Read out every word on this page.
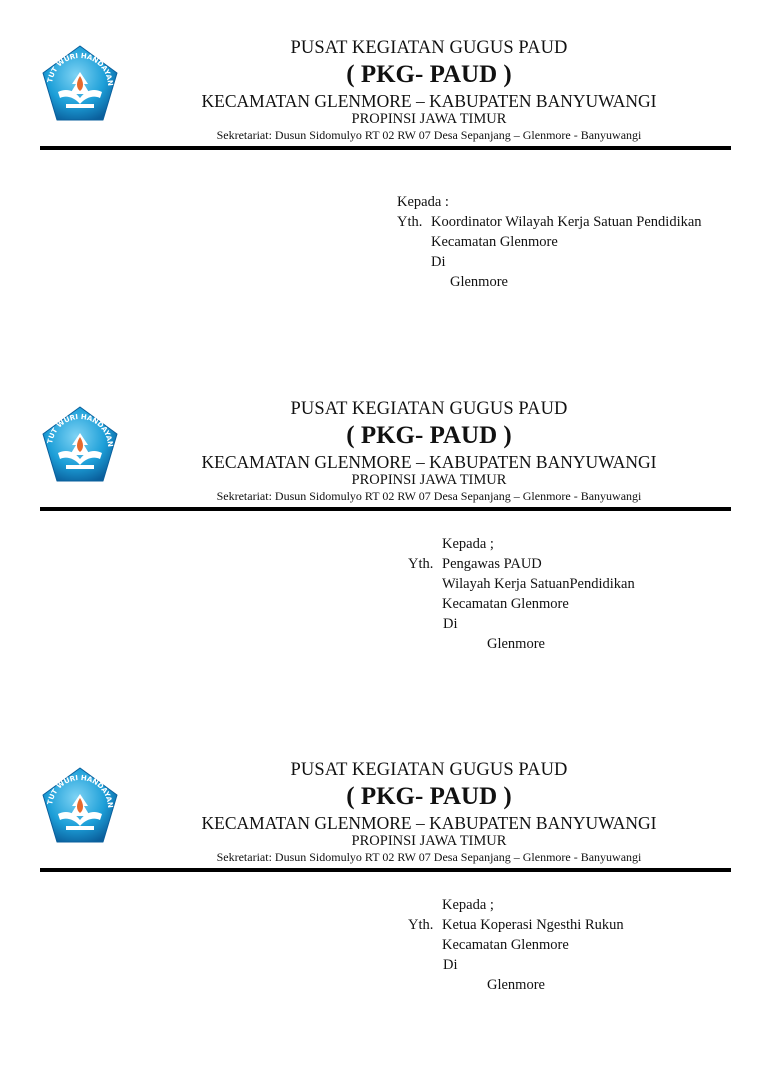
TUT WURI HANDAYAN

PUSAT KEGIATAN GUGUS PAUD

( PKG- PAUD )

KECAMATAN GLENMORE – KABUPATEN BANYUWANGI

PROPINSI JAWA TIMUR

Sekretariat: Dusun Sidomulyo RT 02 RW 07 Desa Sepanjang – Glenmore - Banyuwangi

Kepada :
Yth. Koordinator Wilayah Kerja Satuan Pendidikan
Kecamatan Glenmore
Di
Glenmore
TUT WURI HANDAYAN

PUSAT KEGIATAN GUGUS PAUD

( PKG- PAUD )

KECAMATAN GLENMORE – KABUPATEN BANYUWANGI

PROPINSI JAWA TIMUR

Sekretariat: Dusun Sidomulyo RT 02 RW 07 Desa Sepanjang – Glenmore - Banyuwangi

Kepada ;
Yth. Pengawas PAUD
Wilayah Kerja SatuanPendidikan
Kecamatan Glenmore
Di
Glenmore
TUT WURI HANDAYAN

PUSAT KEGIATAN GUGUS PAUD

( PKG- PAUD )

KECAMATAN GLENMORE – KABUPATEN BANYUWANGI

PROPINSI JAWA TIMUR

Sekretariat: Dusun Sidomulyo RT 02 RW 07 Desa Sepanjang – Glenmore - Banyuwangi

Kepada ;
Yth. Ketua Koperasi Ngesthi Rukun
Kecamatan Glenmore
Di
Glenmore
